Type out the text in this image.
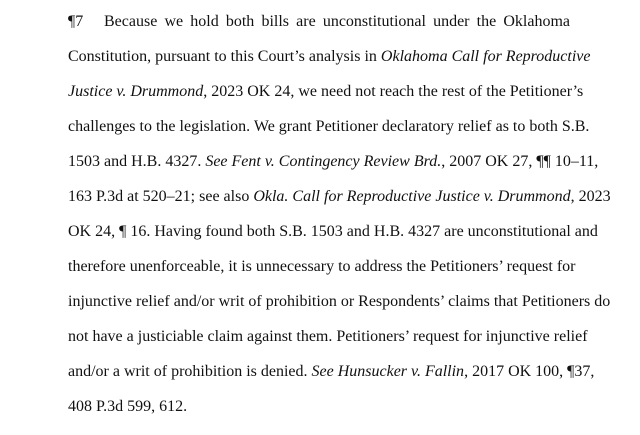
¶7	Because we hold both bills are unconstitutional under the Oklahoma
Constitution, pursuant to this Court’s analysis in Oklahoma Call for Reproductive
Justice v. Drummond, 2023 OK 24, we need not reach the rest of the Petitioner’s
challenges to the legislation. We grant Petitioner declaratory relief as to both S.B.
1503 and H.B. 4327. See Fent v. Contingency Review Brd., 2007 OK 27, ¶¶ 10–11,
163 P.3d at 520–21; see also Okla. Call for Reproductive Justice v. Drummond, 2023
OK 24, ¶ 16. Having found both S.B. 1503 and H.B. 4327 are unconstitutional and
therefore unenforceable, it is unnecessary to address the Petitioners’ request for
injunctive relief and/or writ of prohibition or Respondents’ claims that Petitioners do
not have a justiciable claim against them. Petitioners’ request for injunctive relief
and/or a writ of prohibition is denied. See Hunsucker v. Fallin, 2017 OK 100, ¶37,
408 P.3d 599, 612.
